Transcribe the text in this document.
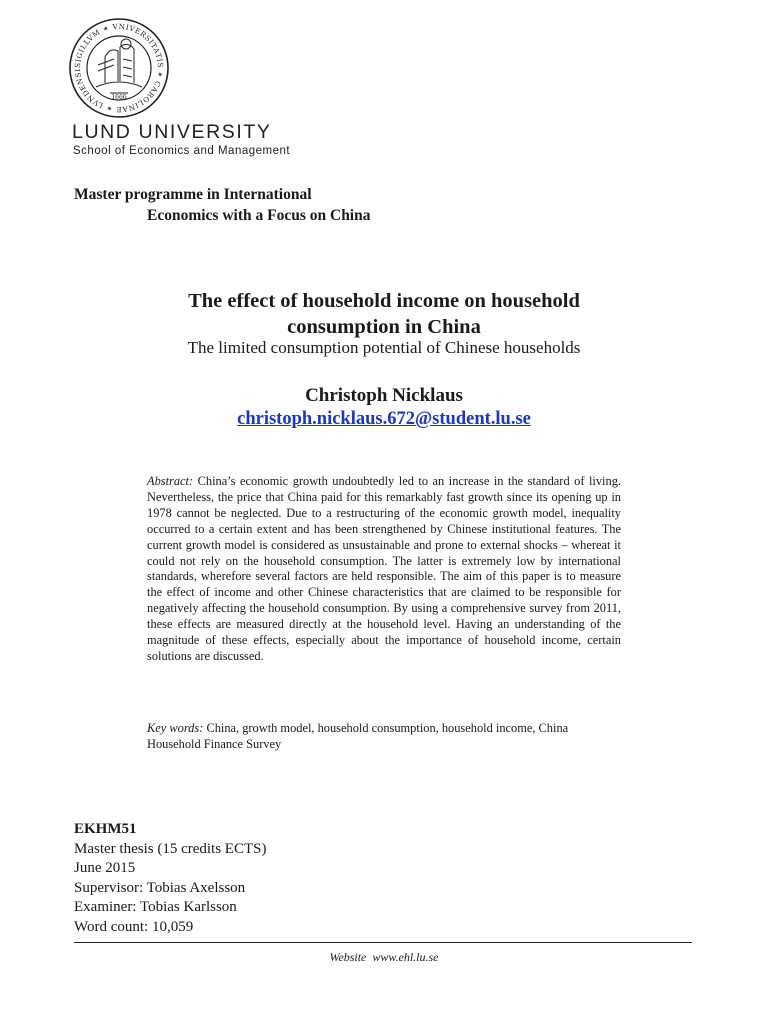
SIGILLVM ✶ VNIVERSITATIS ✶ CAROLINAE ✶ LVNDENSI
1666
LUND UNIVERSITY
School of Economics and Management
Master programme in International
Economics with a Focus on China
The effect of household income on household
consumption in China
The limited consumption potential of Chinese households
Christoph Nicklaus
christoph.nicklaus.672@student.lu.se

Abstract: China’s economic growth undoubtedly led to an increase in the standard of living. Nevertheless, the price that China paid for this remarkably fast growth since its opening up in 1978 cannot be neglected. Due to a restructuring of the economic growth model, inequality occurred to a certain extent and has been strengthened by Chinese institutional features. The current growth model is considered as unsustainable and prone to external shocks – whereat it could not rely on the household consumption. The latter is extremely low by international standards, wherefore several factors are held responsible. The aim of this paper is to measure the effect of income and other Chinese characteristics that are claimed to be responsible for negatively affecting the household consumption. By using a comprehensive survey from 2011, these effects are measured directly at the household level. Having an understanding of the magnitude of these effects, especially about the importance of household income, certain solutions are discussed.

Key words: China, growth model, household consumption, household income, China Household Finance Survey

EKHM51
Master thesis (15 credits ECTS)
June 2015
Supervisor: Tobias Axelsson
Examiner: Tobias Karlsson
Word count: 10,059
Website www.ehl.lu.se
